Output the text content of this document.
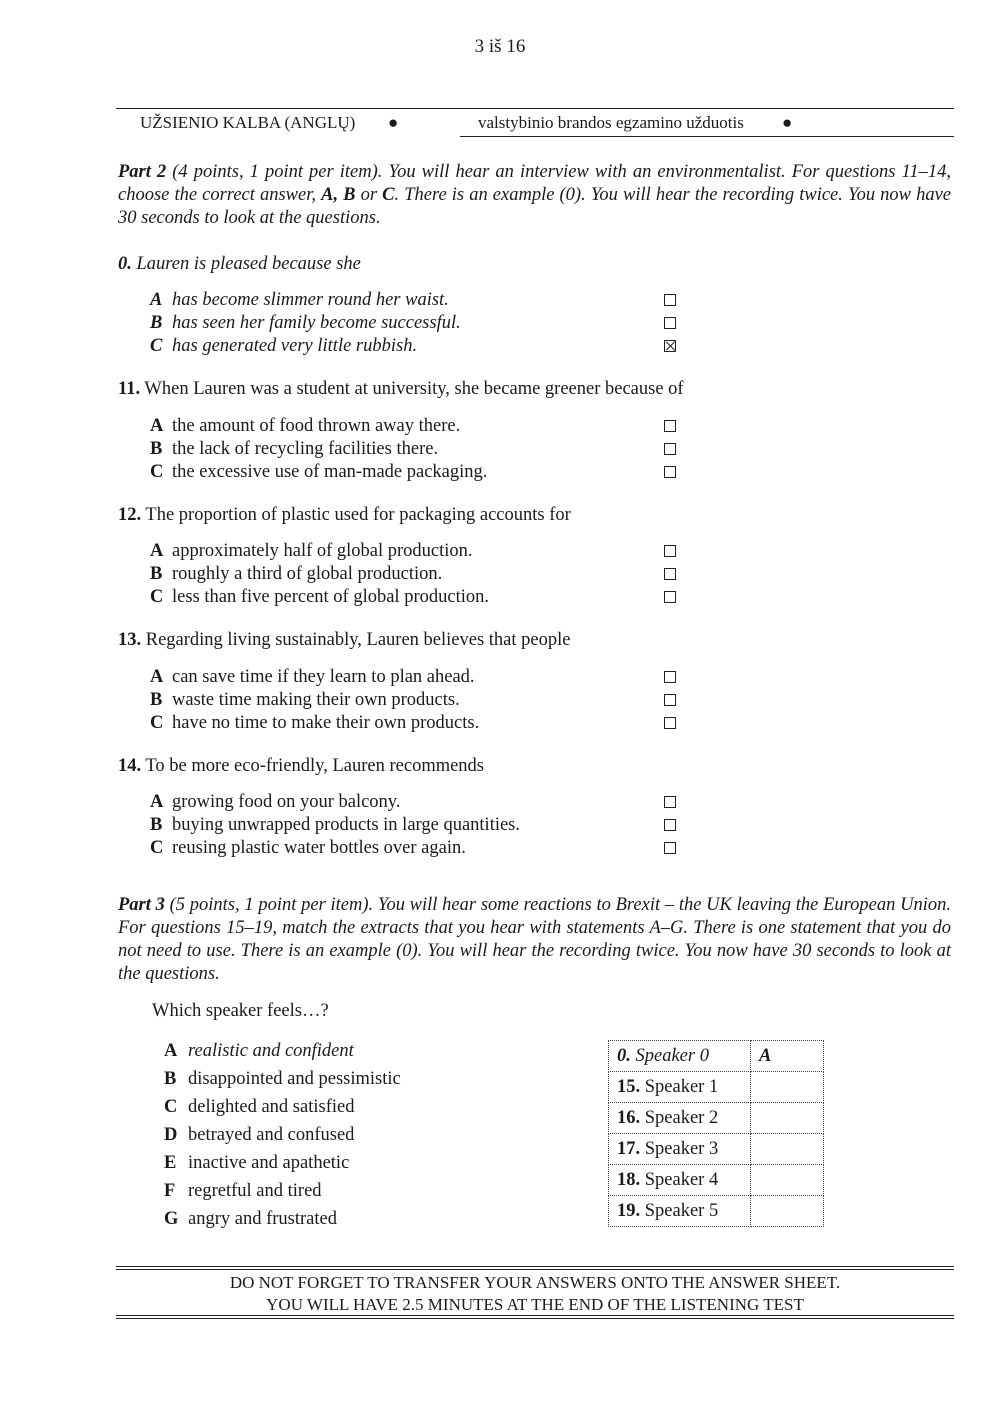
3 iš 16
UŽSIENIO KALBA (ANGLŲ) ●	valstybinio brandos egzamino užduotis ●
Part 2 (4 points, 1 point per item). You will hear an interview with an environmentalist. For questions 11–14, choose the correct answer, A, B or C. There is an example (0). You will hear the recording twice. You now have 30 seconds to look at the questions.
0. Lauren is pleased because she
A has become slimmer round her waist.
B has seen her family become successful.
C has generated very little rubbish.
11. When Lauren was a student at university, she became greener because of
A the amount of food thrown away there.
B the lack of recycling facilities there.
C the excessive use of man-made packaging.
12. The proportion of plastic used for packaging accounts for
A approximately half of global production.
B roughly a third of global production.
C less than five percent of global production.
13. Regarding living sustainably, Lauren believes that people
A can save time if they learn to plan ahead.
B waste time making their own products.
C have no time to make their own products.
14. To be more eco-friendly, Lauren recommends
A growing food on your balcony.
B buying unwrapped products in large quantities.
C reusing plastic water bottles over again.
Part 3 (5 points, 1 point per item). You will hear some reactions to Brexit – the UK leaving the European Union. For questions 15–19, match the extracts that you hear with statements A–G. There is one statement that you do not need to use. There is an example (0). You will hear the recording twice. You now have 30 seconds to look at the questions.
Which speaker feels…?
A realistic and confident
B disappointed and pessimistic
C delighted and satisfied
D betrayed and confused
E inactive and apathetic
F regretful and tired
G angry and frustrated
0. Speaker 0	A
15. Speaker 1	
16. Speaker 2	
17. Speaker 3	
18. Speaker 4	
19. Speaker 5	
DO NOT FORGET TO TRANSFER YOUR ANSWERS ONTO THE ANSWER SHEET.
YOU WILL HAVE 2.5 MINUTES AT THE END OF THE LISTENING TEST
